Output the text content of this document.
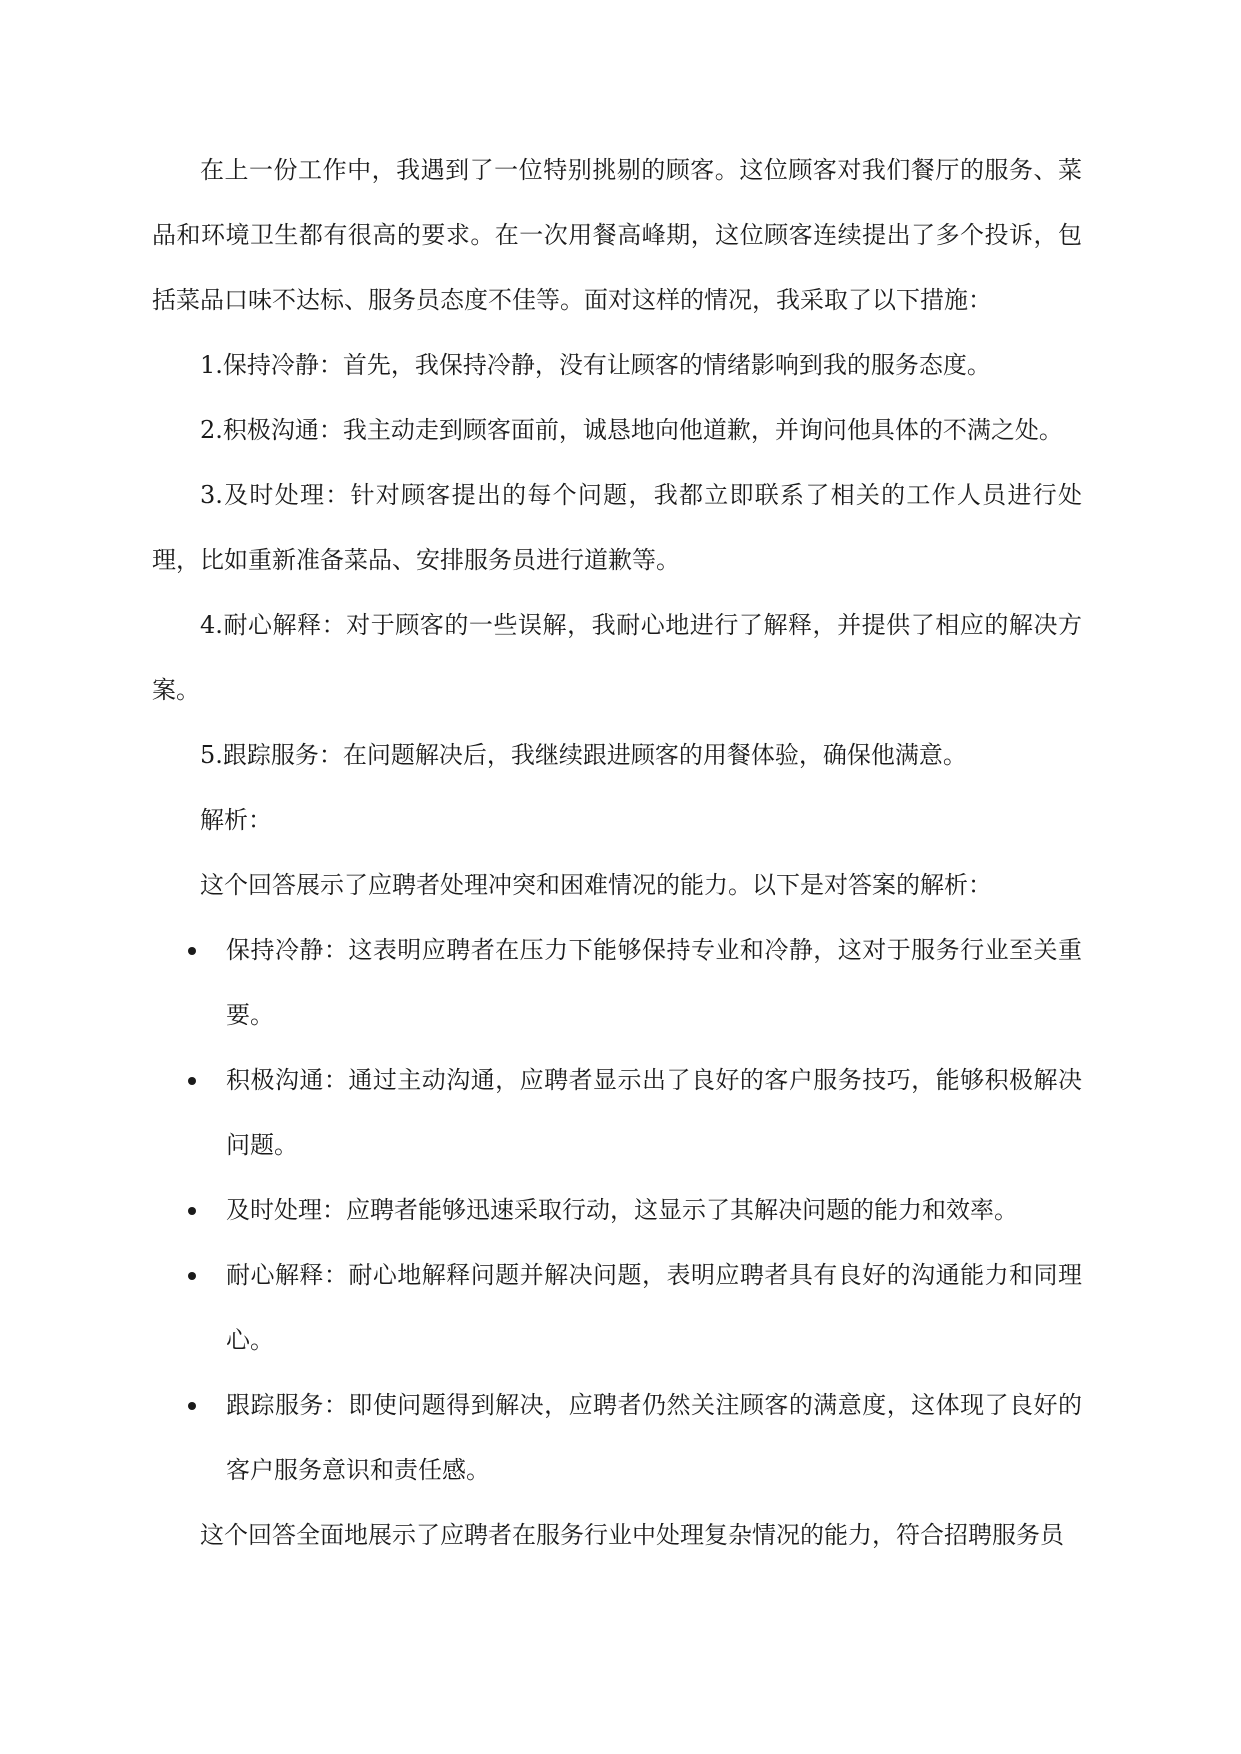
在上一份工作中，我遇到了一位特别挑剔的顾客。这位顾客对我们餐厅的服务、菜品和环境卫生都有很高的要求。在一次用餐高峰期，这位顾客连续提出了多个投诉，包括菜品口味不达标、服务员态度不佳等。面对这样的情况，我采取了以下措施：

1.保持冷静：首先，我保持冷静，没有让顾客的情绪影响到我的服务态度。

2.积极沟通：我主动走到顾客面前，诚恳地向他道歉，并询问他具体的不满之处。

3.及时处理：针对顾客提出的每个问题，我都立即联系了相关的工作人员进行处理，比如重新准备菜品、安排服务员进行道歉等。

4.耐心解释：对于顾客的一些误解，我耐心地进行了解释，并提供了相应的解决方案。

5.跟踪服务：在问题解决后，我继续跟进顾客的用餐体验，确保他满意。

解析：

这个回答展示了应聘者处理冲突和困难情况的能力。以下是对答案的解析：

保持冷静：这表明应聘者在压力下能够保持专业和冷静，这对于服务行业至关重要。
积极沟通：通过主动沟通，应聘者显示出了良好的客户服务技巧，能够积极解决问题。
及时处理：应聘者能够迅速采取行动，这显示了其解决问题的能力和效率。
耐心解释：耐心地解释问题并解决问题，表明应聘者具有良好的沟通能力和同理心。
跟踪服务：即使问题得到解决，应聘者仍然关注顾客的满意度，这体现了良好的客户服务意识和责任感。

这个回答全面地展示了应聘者在服务行业中处理复杂情况的能力，符合招聘服务员
